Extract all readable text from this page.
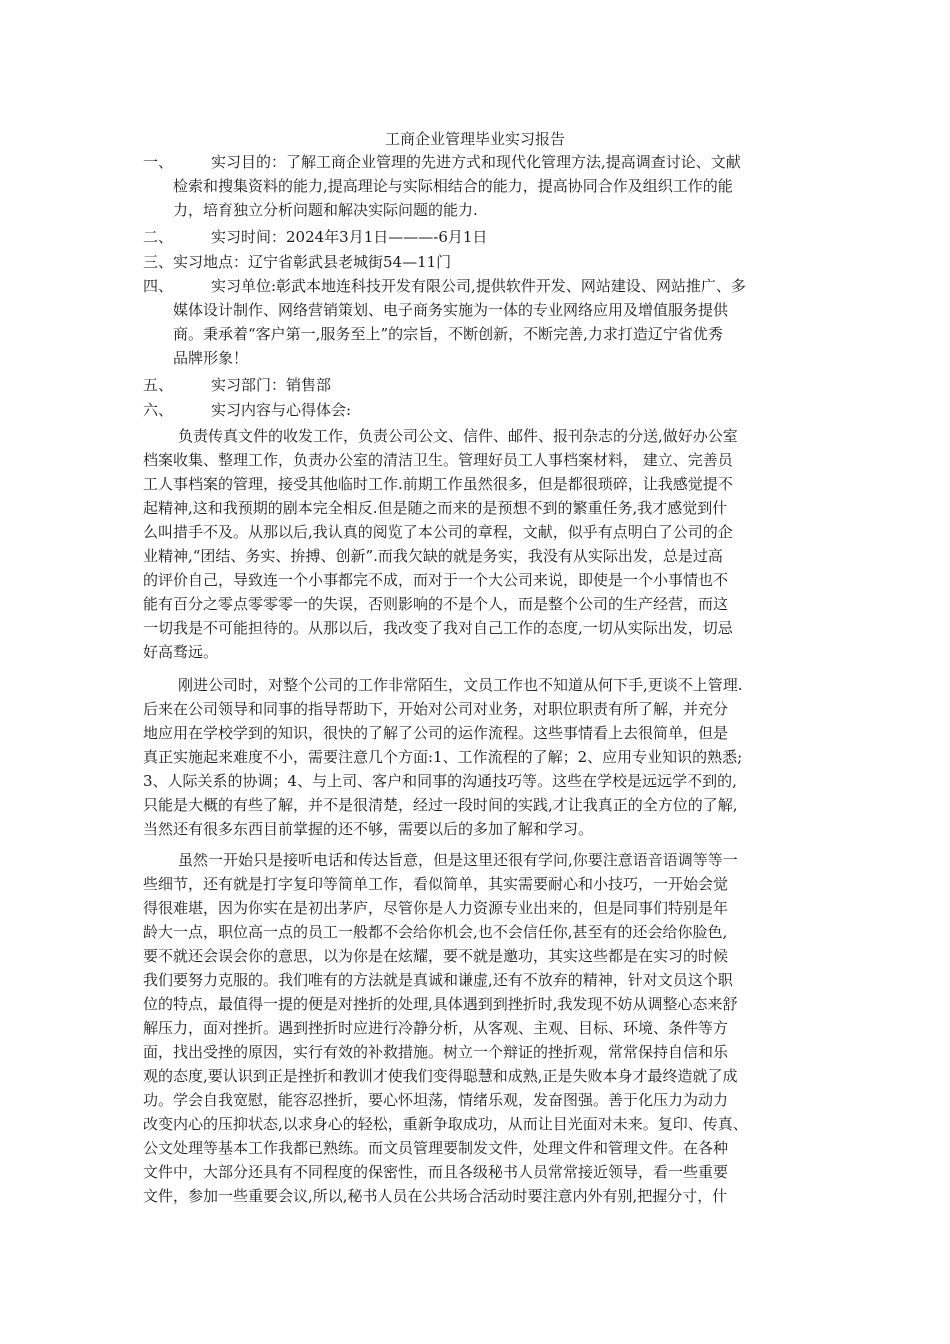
工商企业管理毕业实习报告
一、	实习目的：了解工商企业管理的先进方式和现代化管理方法,提高调查讨论、文献
检索和搜集资料的能力,提高理论与实际相结合的能力，提高协同合作及组织工作的能
力，培育独立分析问题和解决实际问题的能力.
二、	实习时间：2024年3月1日———-6月1日
三、 实习地点：辽宁省彰武县老城街54—11门
四、	实习单位:彰武本地连科技开发有限公司,提供软件开发、网站建设、网站推广、多
媒体设计制作、网络营销策划、电子商务实施为一体的专业网络应用及增值服务提供
商。秉承着“客户第一,服务至上”的宗旨，不断创新，不断完善,力求打造辽宁省优秀
品牌形象！
五、	实习部门：销售部
六、	实习内容与心得体会:
负责传真文件的收发工作，负责公司公文、信件、邮件、报刊杂志的分送,做好办公室
档案收集、整理工作，负责办公室的清洁卫生。管理好员工人事档案材料， 建立、完善员
工人事档案的管理，接受其他临时工作.前期工作虽然很多，但是都很琐碎，让我感觉提不
起精神,这和我预期的剧本完全相反.但是随之而来的是预想不到的繁重任务,我才感觉到什
么叫措手不及。从那以后,我认真的阅览了本公司的章程，文献，似乎有点明白了公司的企
业精神,“团结、务实、拚搏、创新”.而我欠缺的就是务实，我没有从实际出发，总是过高
的评价自己，导致连一个小事都完不成，而对于一个大公司来说，即使是一个小事情也不
能有百分之零点零零零一的失误，否则影响的不是个人，而是整个公司的生产经营，而这
一切我是不可能担待的。从那以后，我改变了我对自己工作的态度,一切从实际出发，切忌
好高骛远。
刚进公司时，对整个公司的工作非常陌生，文员工作也不知道从何下手,更谈不上管理.
后来在公司领导和同事的指导帮助下，开始对公司对业务，对职位职责有所了解，并充分
地应用在学校学到的知识，很快的了解了公司的运作流程。这些事情看上去很简单，但是
真正实施起来难度不小，需要注意几个方面:1、工作流程的了解；2、应用专业知识的熟悉;
3、人际关系的协调；4、与上司、客户和同事的沟通技巧等。这些在学校是远远学不到的,
只能是大概的有些了解，并不是很清楚，经过一段时间的实践,才让我真正的全方位的了解,
当然还有很多东西目前掌握的还不够，需要以后的多加了解和学习。
虽然一开始只是接听电话和传达旨意，但是这里还很有学问,你要注意语音语调等等一
些细节，还有就是打字复印等简单工作，看似简单，其实需要耐心和小技巧，一开始会觉
得很难堪，因为你实在是初出茅庐，尽管你是人力资源专业出来的，但是同事们特别是年
龄大一点，职位高一点的员工一般都不会给你机会,也不会信任你,甚至有的还会给你脸色,
要不就还会误会你的意思，以为你是在炫耀，要不就是邀功，其实这些都是在实习的时候
我们要努力克服的。我们唯有的方法就是真诚和谦虚,还有不放弃的精神，针对文员这个职
位的特点，最值得一提的便是对挫折的处理,具体遇到到挫折时,我发现不妨从调整心态来舒
解压力，面对挫折。遇到挫折时应进行冷静分析，从客观、主观、目标、环境、条件等方
面，找出受挫的原因，实行有效的补救措施。树立一个辩证的挫折观，常常保持自信和乐
观的态度,要认识到正是挫折和教训才使我们变得聪慧和成熟,正是失败本身才最终造就了成
功。学会自我宽慰，能容忍挫折，要心怀坦荡，情绪乐观，发奋图强。善于化压力为动力
改变内心的压抑状态,以求身心的轻松，重新争取成功，从而让目光面对未来。复印、传真、
公文处理等基本工作我都已熟练。而文员管理要制发文件，处理文件和管理文件。在各种
文件中，大部分还具有不同程度的保密性，而且各级秘书人员常常接近领导，看一些重要
文件，参加一些重要会议,所以,秘书人员在公共场合活动时要注意内外有别,把握分寸，什
